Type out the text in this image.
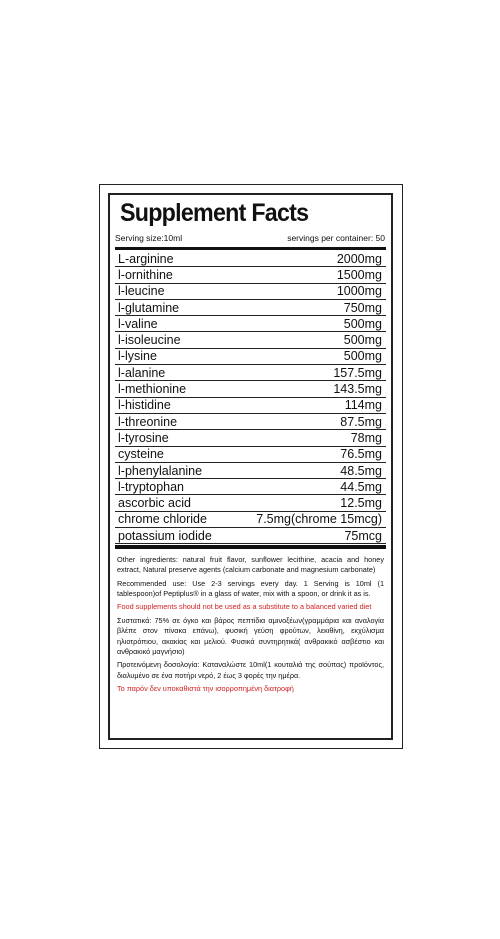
Supplement Facts
Serving size:10ml	servings per container: 50
L-arginine	2000mg
l-ornithine	1500mg
l-leucine	1000mg
l-glutamine	750mg
l-valine	500mg
l-isoleucine	500mg
l-lysine	500mg
l-alanine	157.5mg
l-methionine	143.5mg
l-histidine	114mg
l-threonine	87.5mg
l-tyrosine	78mg
cysteine	76.5mg
l-phenylalanine	48.5mg
l-tryptophan	44.5mg
ascorbic acid	12.5mg
chrome chloride	7.5mg(chrome 15mcg)
potassium iodide	75mcg

Other ingredients: natural fruit flavor, sunflower lecithine, acacia and honey extract, Natural preserve agents (calcium carbonate and magnesium carbonate)

Recommended use: Use 2-3 servings every day. 1 Serving is 10ml (1 tablespoon)of Peptiplus® in a glass of water, mix with a spoon, or drink it as is.

Food supplements should not be used as a substitute to a balanced varied diet

Συστατικά: 75% σε όγκο και βάρος πεπτίδια αμινοξέων(γραμμάρια και αναλογία βλέπε στον πίνακα επάνω), φυσική γεύση φρούτων, λεκιθίνη, εκχύλισμα ηλιοτρόπιου, ακακίας και μελιού. Φυσικά συντηρητικά( ανθρακικό ασβέστιο και ανθρακικό μαγνήσιο)

Προτεινόμενη δοσολογία: Καταναλώστε 10ml(1 κουταλιά της σούπας) προϊόντος, διαλυμένο σε ένα ποτήρι νερό, 2 έως 3 φορές την ημέρα.

Το παρόν δεν υποκαθιστά την ισορροπημένη διατροφή
